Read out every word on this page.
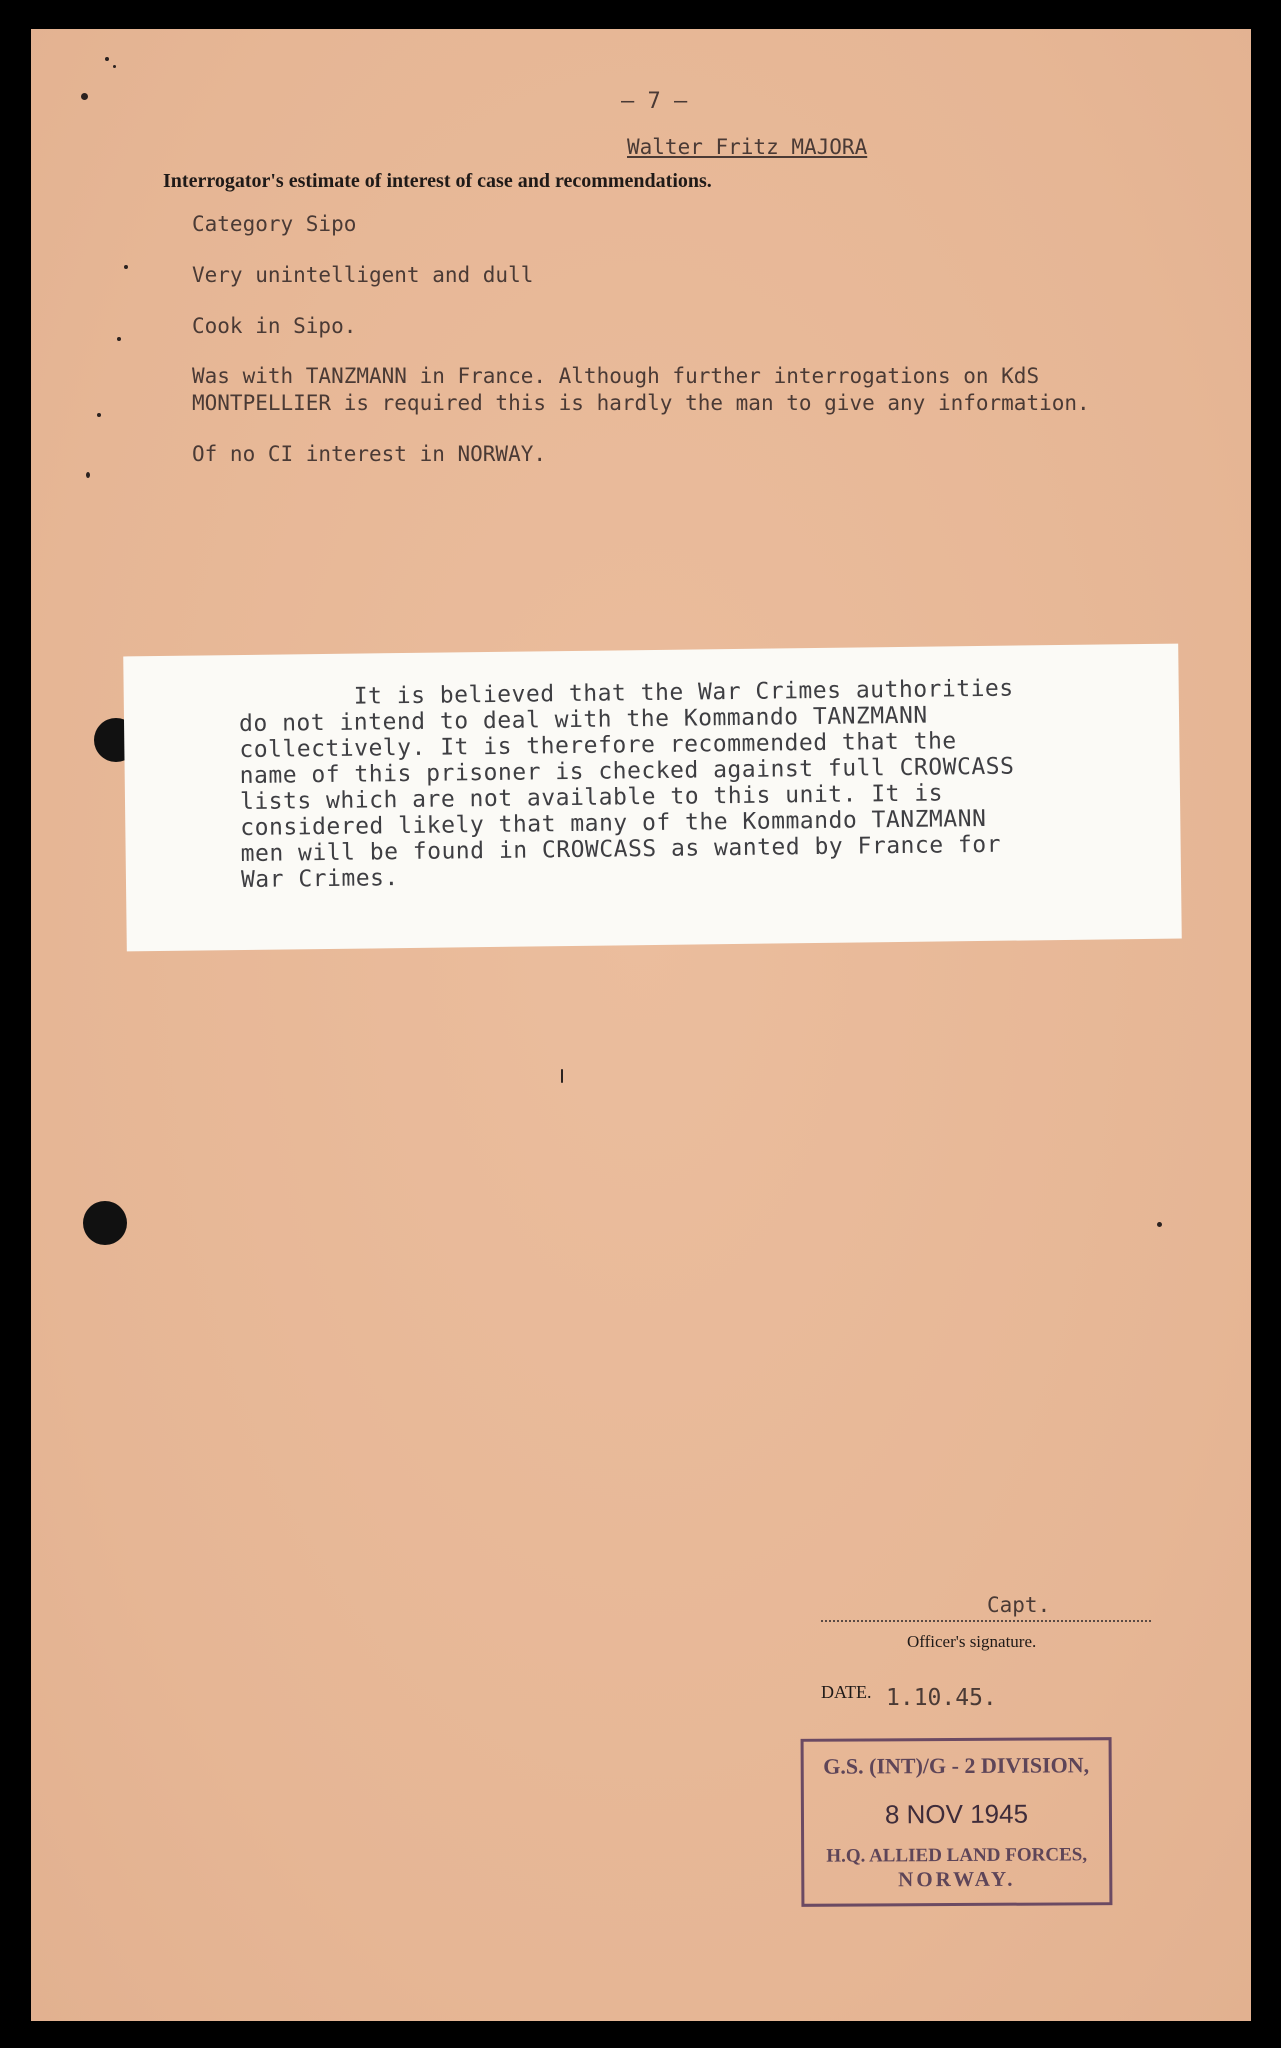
— 7 —
Walter Fritz MAJORA
Interrogator's estimate of interest of case and recommendations.
Category Sipo
Very unintelligent and dull
Cook in Sipo.
Was with TANZMANN in France. Although further interrogations on KdS
MONTPELLIER is required this is hardly the man to give any information.
Of no CI interest in NORWAY.
It is believed that the War Crimes authorities
do not intend to deal with the Kommando TANZMANN
collectively. It is therefore recommended that the
name of this prisoner is checked against full CROWCASS
lists which are not available to this unit. It is
considered likely that many of the Kommando TANZMANN
men will be found in CROWCASS as wanted by France for
War Crimes.
Capt.
Officer's signature.
DATE. 1.10.45.
G.S. (INT)/G - 2 DIVISION,
8 NOV 1945
H.Q. ALLIED LAND FORCES,
NORWAY.
